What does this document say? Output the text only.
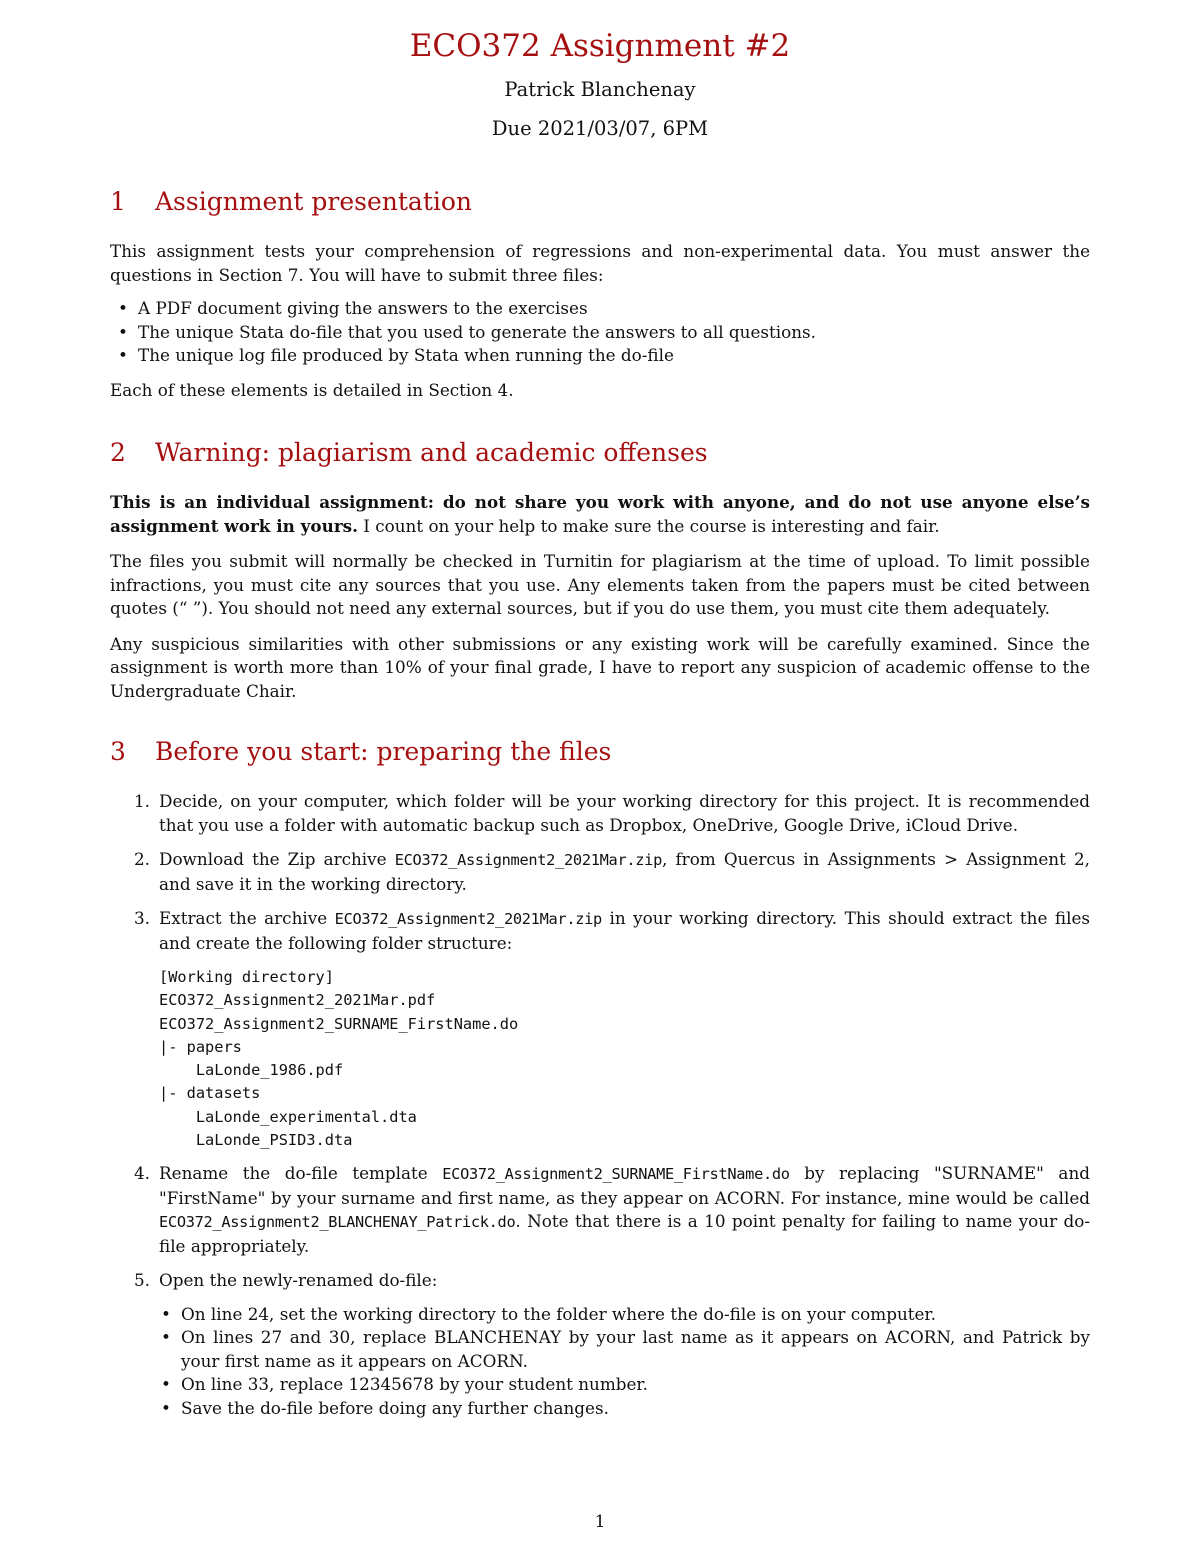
ECO372 Assignment #2
Patrick Blanchenay
Due 2021/03/07, 6PM
1 Assignment presentation

This assignment tests your comprehension of regressions and non-experimental data. You must answer the questions in Section 7. You will have to submit three files:

• A PDF document giving the answers to the exercises
• The unique Stata do-file that you used to generate the answers to all questions.
• The unique log file produced by Stata when running the do-file

Each of these elements is detailed in Section 4.

2 Warning: plagiarism and academic offenses

This is an individual assignment: do not share you work with anyone, and do not use anyone else’s assignment work in yours. I count on your help to make sure the course is interesting and fair.

The files you submit will normally be checked in Turnitin for plagiarism at the time of upload. To limit possible infractions, you must cite any sources that you use. Any elements taken from the papers must be cited between quotes (“ ”). You should not need any external sources, but if you do use them, you must cite them adequately.

Any suspicious similarities with other submissions or any existing work will be carefully examined. Since the assignment is worth more than 10% of your final grade, I have to report any suspicion of academic offense to the Undergraduate Chair.

3 Before you start: preparing the files
1. Decide, on your computer, which folder will be your working directory for this project. It is recommended that you use a folder with automatic backup such as Dropbox, OneDrive, Google Drive, iCloud Drive.
2. Download the Zip archive ECO372_Assignment2_2021Mar.zip, from Quercus in Assignments > Assignment 2, and save it in the working directory.
3. Extract the archive ECO372_Assignment2_2021Mar.zip in your working directory. This should extract the files and create the following folder structure:
[Working directory]
ECO372_Assignment2_2021Mar.pdf
ECO372_Assignment2_SURNAME_FirstName.do
|- papers
LaLonde_1986.pdf
|- datasets
LaLonde_experimental.dta
LaLonde_PSID3.dta
4. Rename the do-file template ECO372_Assignment2_SURNAME_FirstName.do by replacing "SURNAME" and "FirstName" by your surname and first name, as they appear on ACORN. For instance, mine would be called ECO372_Assignment2_BLANCHENAY_Patrick.do. Note that there is a 10 point penalty for failing to name your do-file appropriately.
5. Open the newly-renamed do-file:
• On line 24, set the working directory to the folder where the do-file is on your computer.
• On lines 27 and 30, replace BLANCHENAY by your last name as it appears on ACORN, and Patrick by your first name as it appears on ACORN.
• On line 33, replace 12345678 by your student number.
• Save the do-file before doing any further changes.
1
